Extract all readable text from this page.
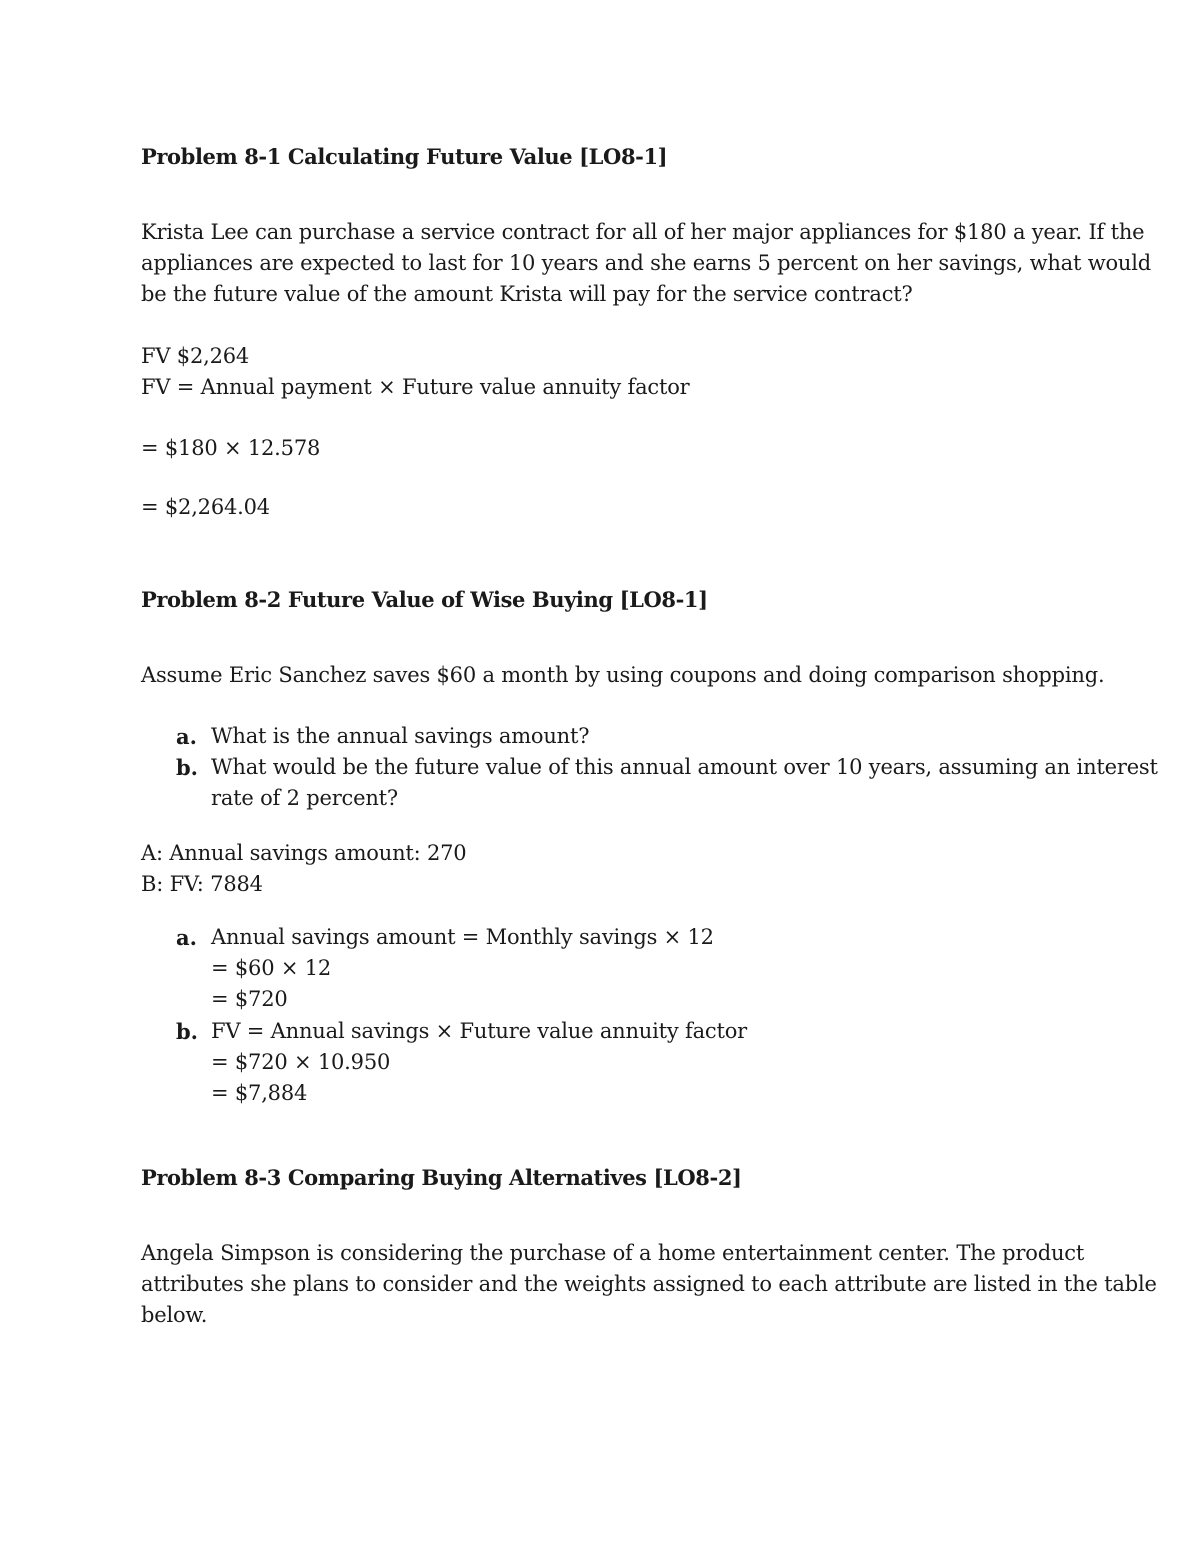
Problem 8-1 Calculating Future Value [LO8-1]
Krista Lee can purchase a service contract for all of her major appliances for $180 a year. If the
appliances are expected to last for 10 years and she earns 5 percent on her savings, what would
be the future value of the amount Krista will pay for the service contract?
FV $2,264
FV = Annual payment × Future value annuity factor
= $180 × 12.578
= $2,264.04
Problem 8-2 Future Value of Wise Buying [LO8-1]
Assume Eric Sanchez saves $60 a month by using coupons and doing comparison shopping.
a. What is the annual savings amount?
b. What would be the future value of this annual amount over 10 years, assuming an interest
rate of 2 percent?
A: Annual savings amount: 270
B: FV: 7884
a. Annual savings amount = Monthly savings × 12
= $60 × 12
= $720
b. FV = Annual savings × Future value annuity factor
= $720 × 10.950
= $7,884
Problem 8-3 Comparing Buying Alternatives [LO8-2]
Angela Simpson is considering the purchase of a home entertainment center. The product
attributes she plans to consider and the weights assigned to each attribute are listed in the table
below.
